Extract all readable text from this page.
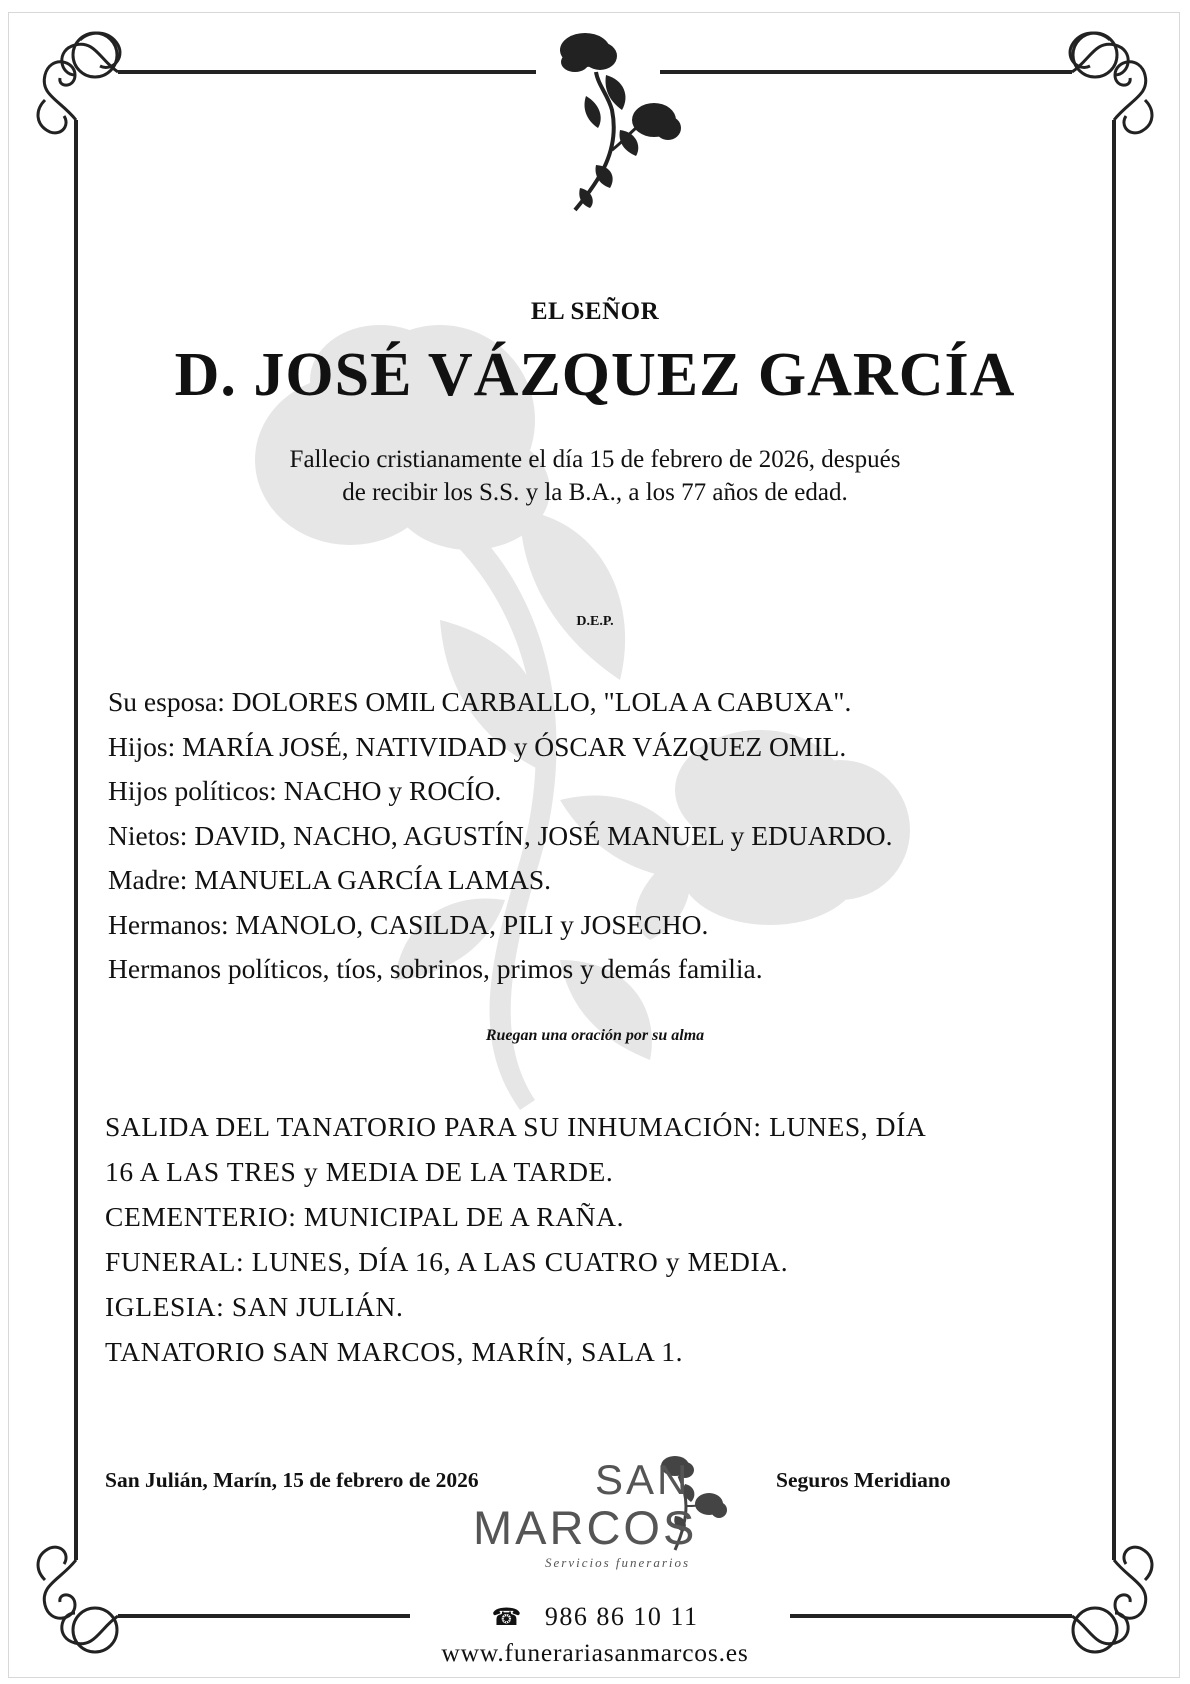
EL SEÑOR
D. JOSÉ VÁZQUEZ GARCÍA
Fallecio cristianamente el día 15 de febrero de 2026, después
de recibir los S.S. y la B.A., a los 77 años de edad.
D.E.P.
Su esposa: DOLORES OMIL CARBALLO, "LOLA A CABUXA".
Hijos: MARÍA JOSÉ, NATIVIDAD y ÓSCAR VÁZQUEZ OMIL.
Hijos políticos: NACHO y ROCÍO.
Nietos: DAVID, NACHO, AGUSTÍN, JOSÉ MANUEL y EDUARDO.
Madre: MANUELA GARCÍA LAMAS.
Hermanos: MANOLO, CASILDA, PILI y JOSECHO.
Hermanos políticos, tíos, sobrinos, primos y demás familia.
Ruegan una oración por su alma
SALIDA DEL TANATORIO PARA SU INHUMACIÓN: LUNES, DÍA
16 A LAS TRES y MEDIA DE LA TARDE.
CEMENTERIO: MUNICIPAL DE A RAÑA.
FUNERAL: LUNES, DÍA 16, A LAS CUATRO y MEDIA.
IGLESIA: SAN JULIÁN.
TANATORIO SAN MARCOS, MARÍN, SALA 1.
San Julián, Marín, 15 de febrero de 2026	Seguros Meridiano
SAN
MARCOS
Servicios funerarios
☎ 986 86 10 11
www.funerariasanmarcos.es
